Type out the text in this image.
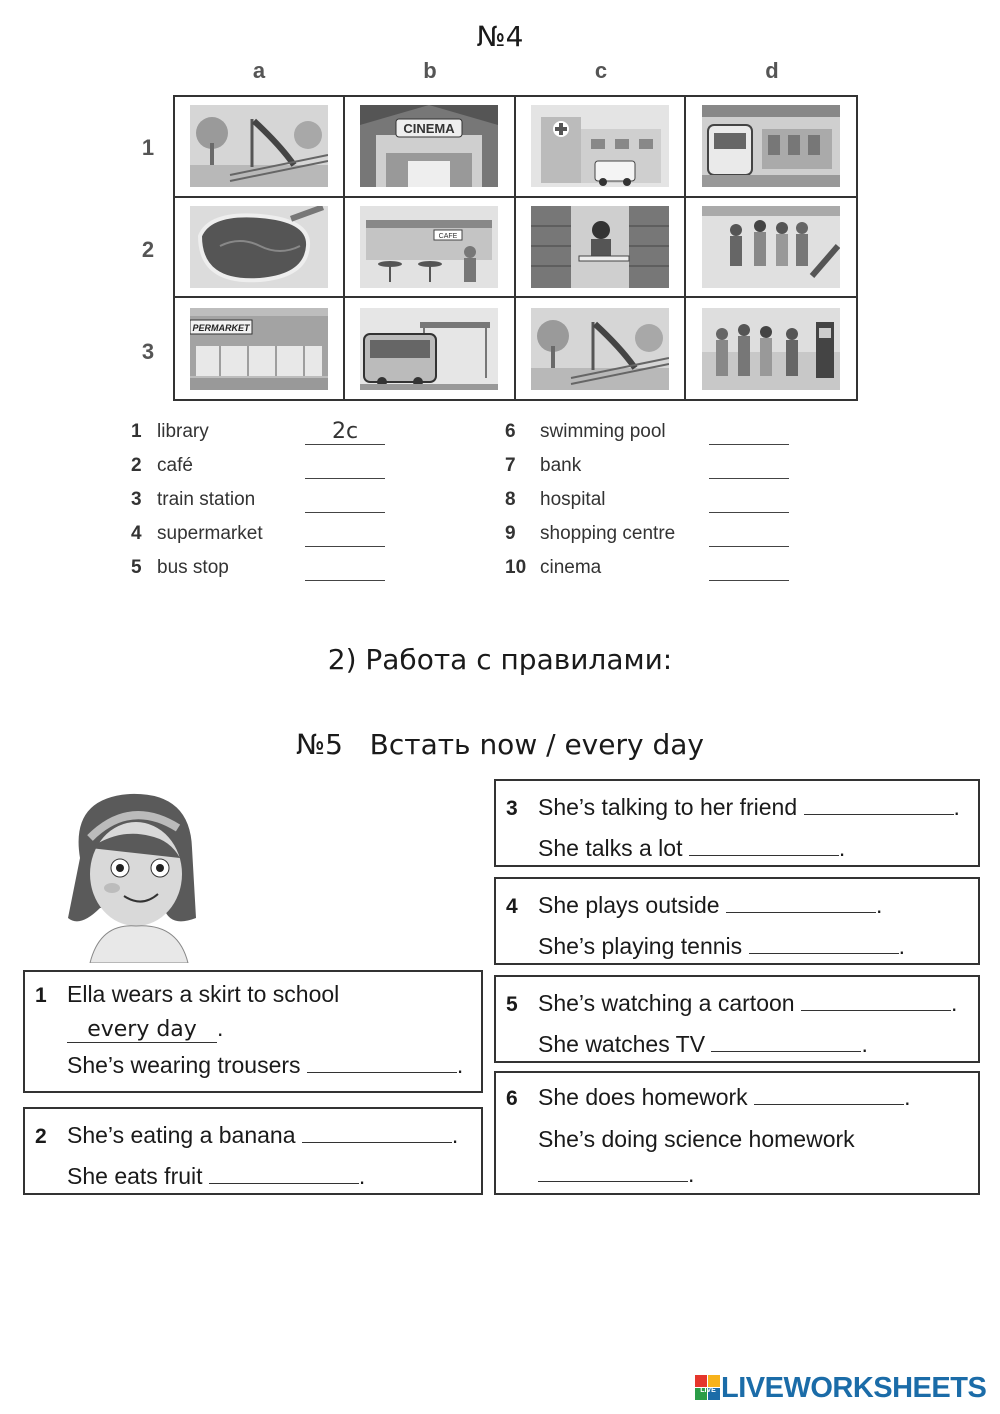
№4
a	b	c	d
1
2
3
CINEMA
CAFE
PERMARKET
1 library	2c
2 café
3 train station
4 supermarket
5 bus stop
6 swimming pool
7 bank
8 hospital
9 shopping centre
10 cinema
2) Работа с правилами:
№5   Встать now / every day
1 Ella wears a skirt to school
every day .
She’s wearing trousers	.
2 She’s eating a banana	.
She eats fruit	.
3 She’s talking to her friend	.
She talks a lot	.
4 She plays outside	.
She’s playing tennis	.
5 She’s watching a cartoon	.
She watches TV	.
6 She does homework	.
She’s doing science homework
.
LIVE LIVEWORKSHEETS
